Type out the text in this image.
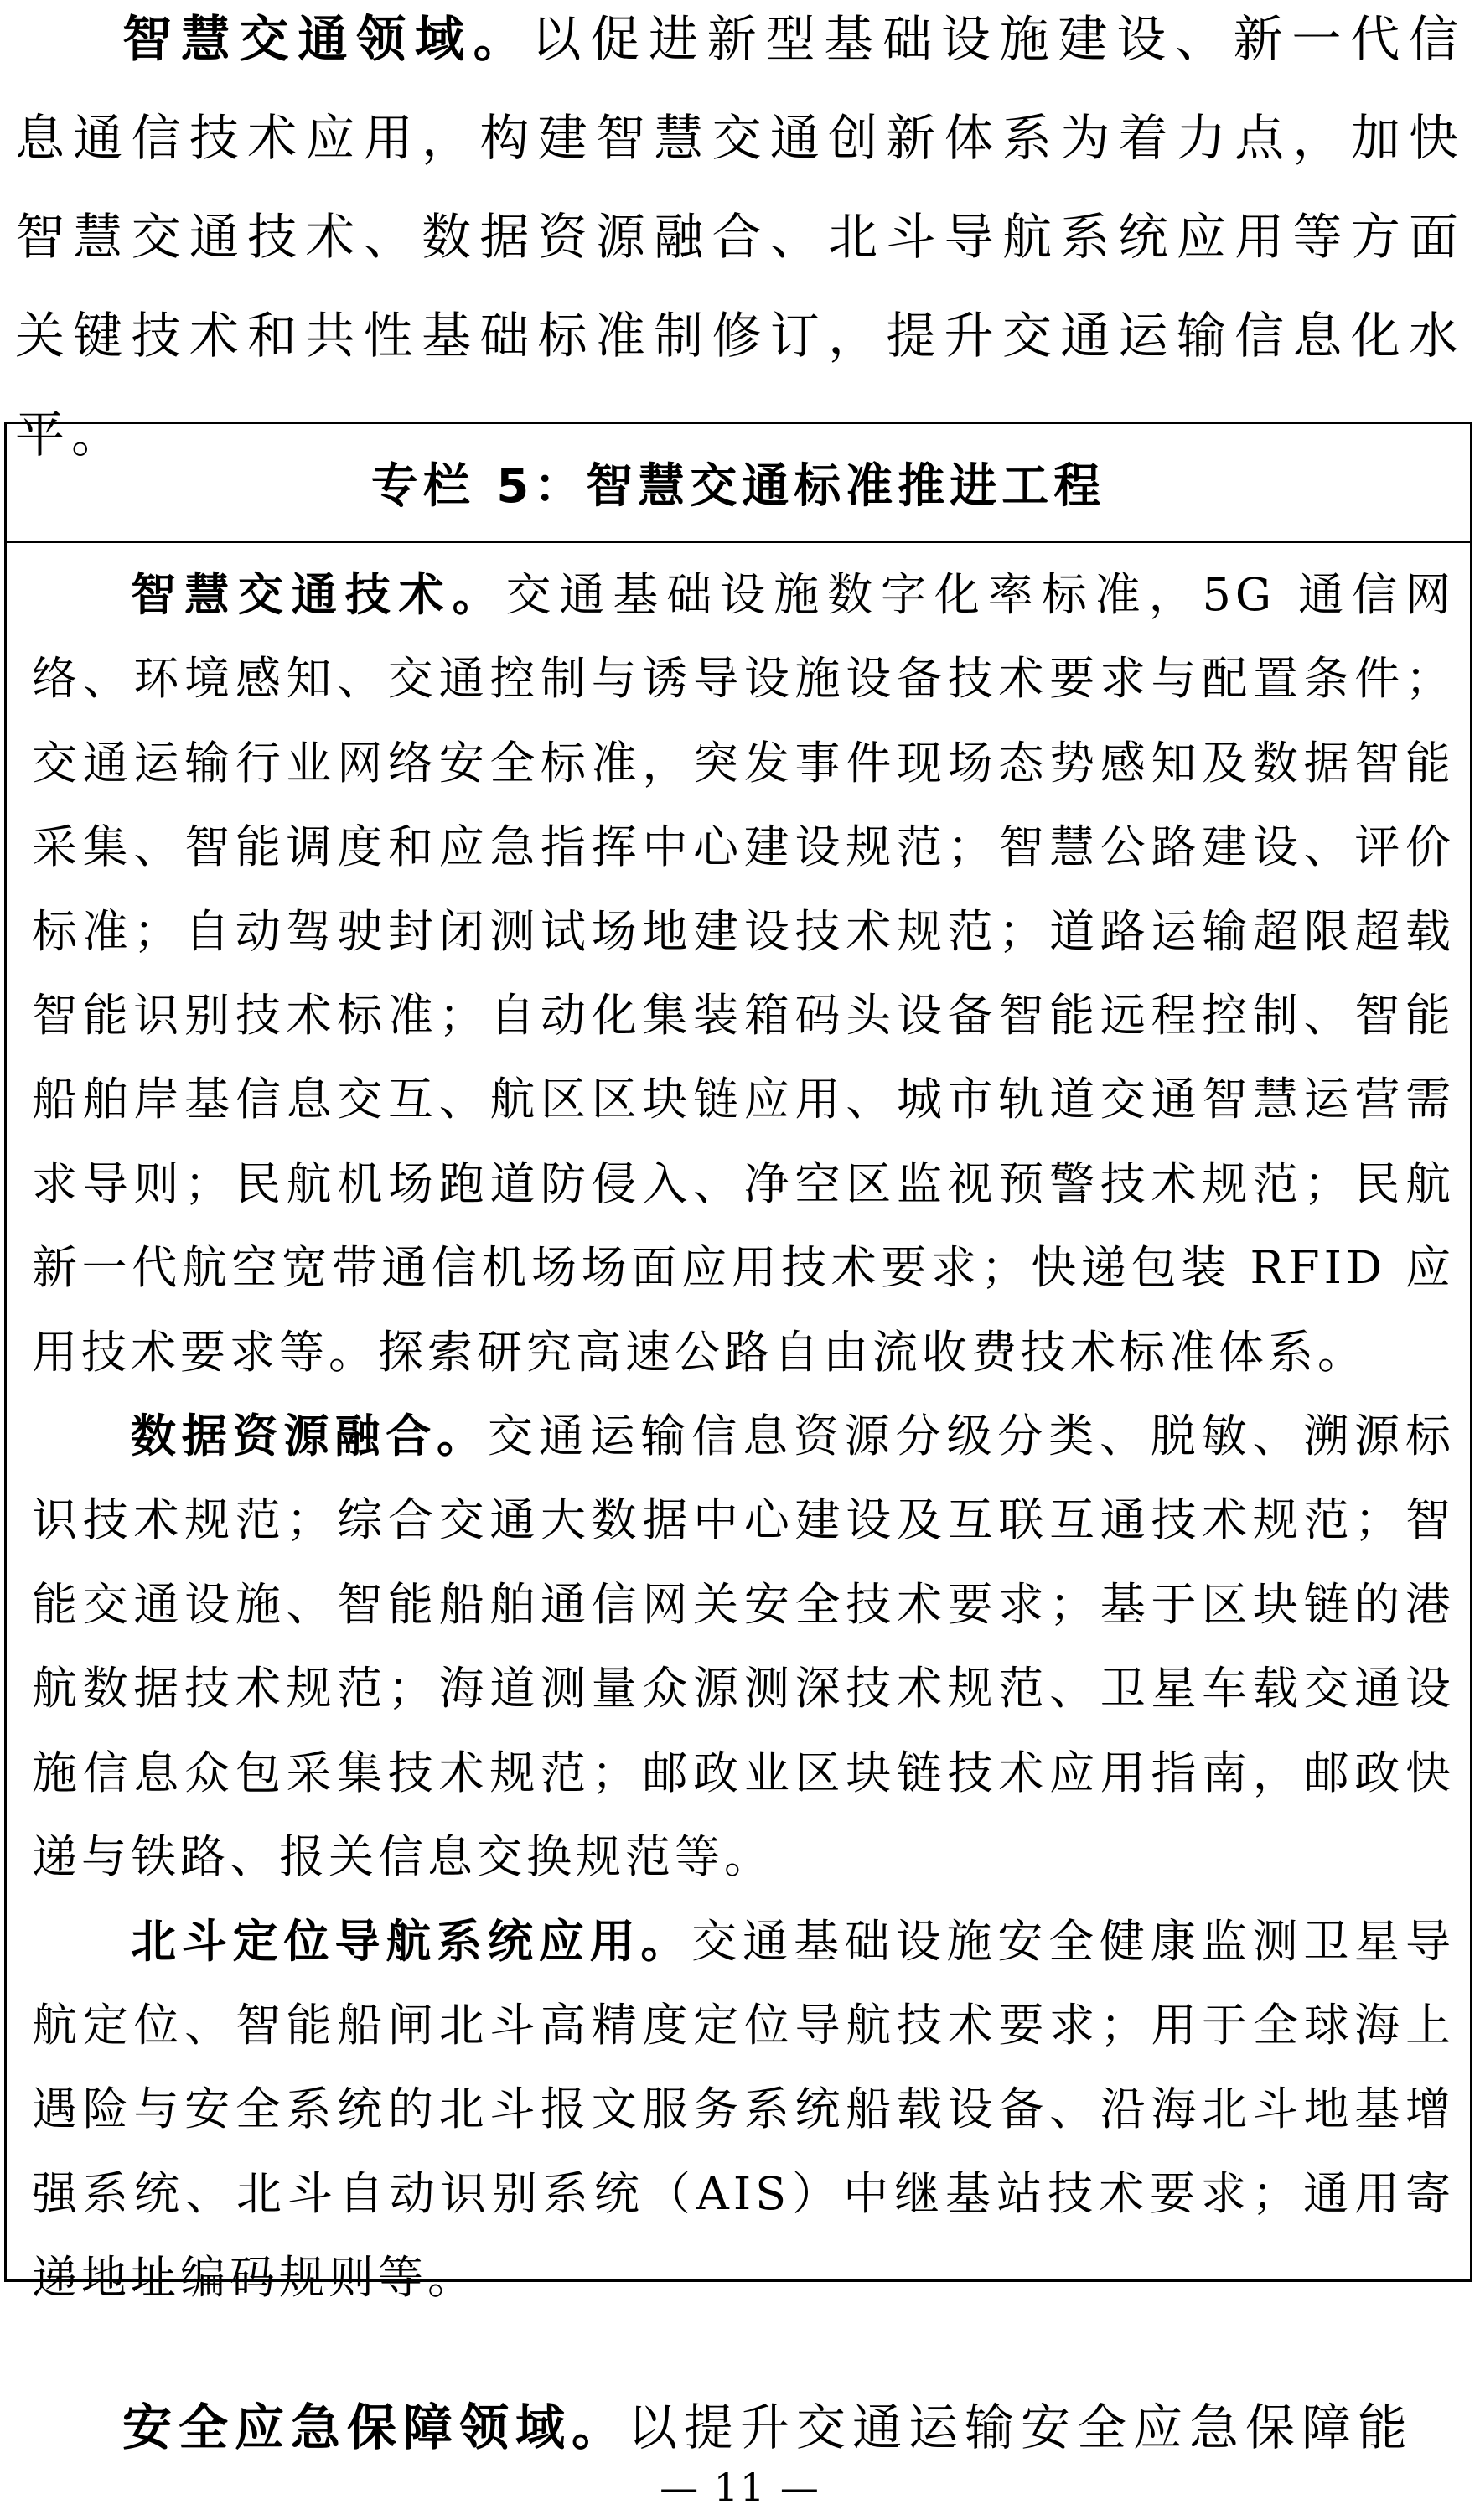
智慧交通领域。以促进新型基础设施建设、新一代信息通信技术应用，构建智慧交通创新体系为着力点，加快智慧交通技术、数据资源融合、北斗导航系统应用等方面关键技术和共性基础标准制修订，提升交通运输信息化水平。

专栏 5：智慧交通标准推进工程

智慧交通技术。交通基础设施数字化率标准，5G 通信网络、环境感知、交通控制与诱导设施设备技术要求与配置条件；交通运输行业网络安全标准，突发事件现场态势感知及数据智能采集、智能调度和应急指挥中心建设规范；智慧公路建设、评价标准；自动驾驶封闭测试场地建设技术规范；道路运输超限超载智能识别技术标准；自动化集装箱码头设备智能远程控制、智能船舶岸基信息交互、航区区块链应用、城市轨道交通智慧运营需求导则；民航机场跑道防侵入、净空区监视预警技术规范；民航新一代航空宽带通信机场场面应用技术要求；快递包装 RFID 应用技术要求等。探索研究高速公路自由流收费技术标准体系。

数据资源融合。交通运输信息资源分级分类、脱敏、溯源标识技术规范；综合交通大数据中心建设及互联互通技术规范；智能交通设施、智能船舶通信网关安全技术要求；基于区块链的港航数据技术规范；海道测量众源测深技术规范、卫星车载交通设施信息众包采集技术规范；邮政业区块链技术应用指南，邮政快递与铁路、报关信息交换规范等。

北斗定位导航系统应用。交通基础设施安全健康监测卫星导航定位、智能船闸北斗高精度定位导航技术要求；用于全球海上遇险与安全系统的北斗报文服务系统船载设备、沿海北斗地基增强系统、北斗自动识别系统（AIS）中继基站技术要求；通用寄递地址编码规则等。

安全应急保障领域。以提升交通运输安全应急保障能

— 11 —
